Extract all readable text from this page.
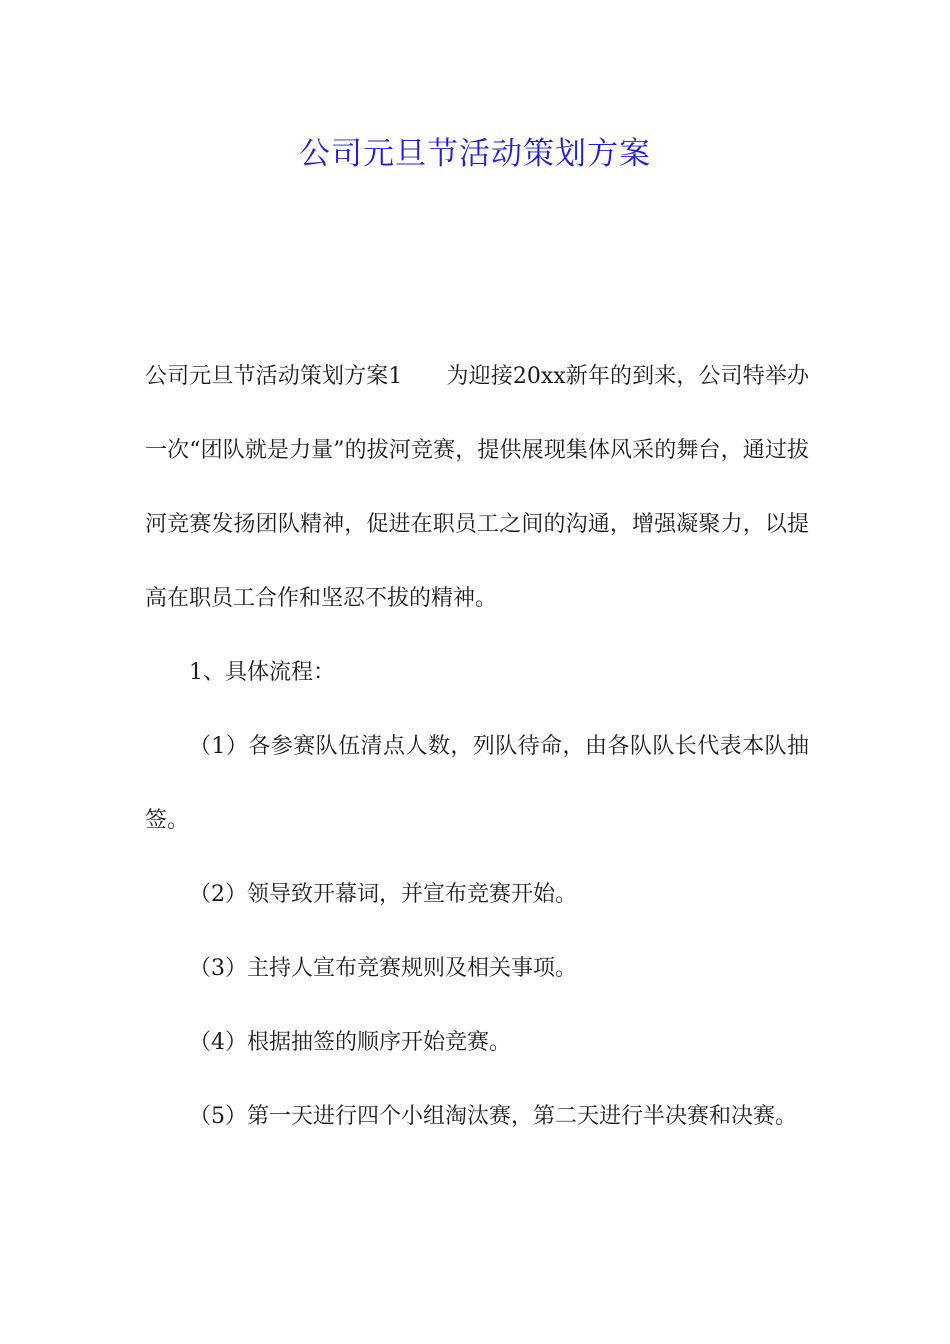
公司元旦节活动策划方案

公司元旦节活动策划方案1 为迎接20xx新年的到来，公司特举办一次“团队就是力量”的拔河竞赛，提供展现集体风采的舞台，通过拔河竞赛发扬团队精神，促进在职员工之间的沟通，增强凝聚力，以提高在职员工合作和坚忍不拔的精神。

1、具体流程：

（1）各参赛队伍清点人数，列队待命，由各队队长代表本队抽签。

（2）领导致开幕词，并宣布竞赛开始。

（3）主持人宣布竞赛规则及相关事项。

（4）根据抽签的顺序开始竞赛。

（5）第一天进行四个小组淘汰赛，第二天进行半决赛和决赛。
